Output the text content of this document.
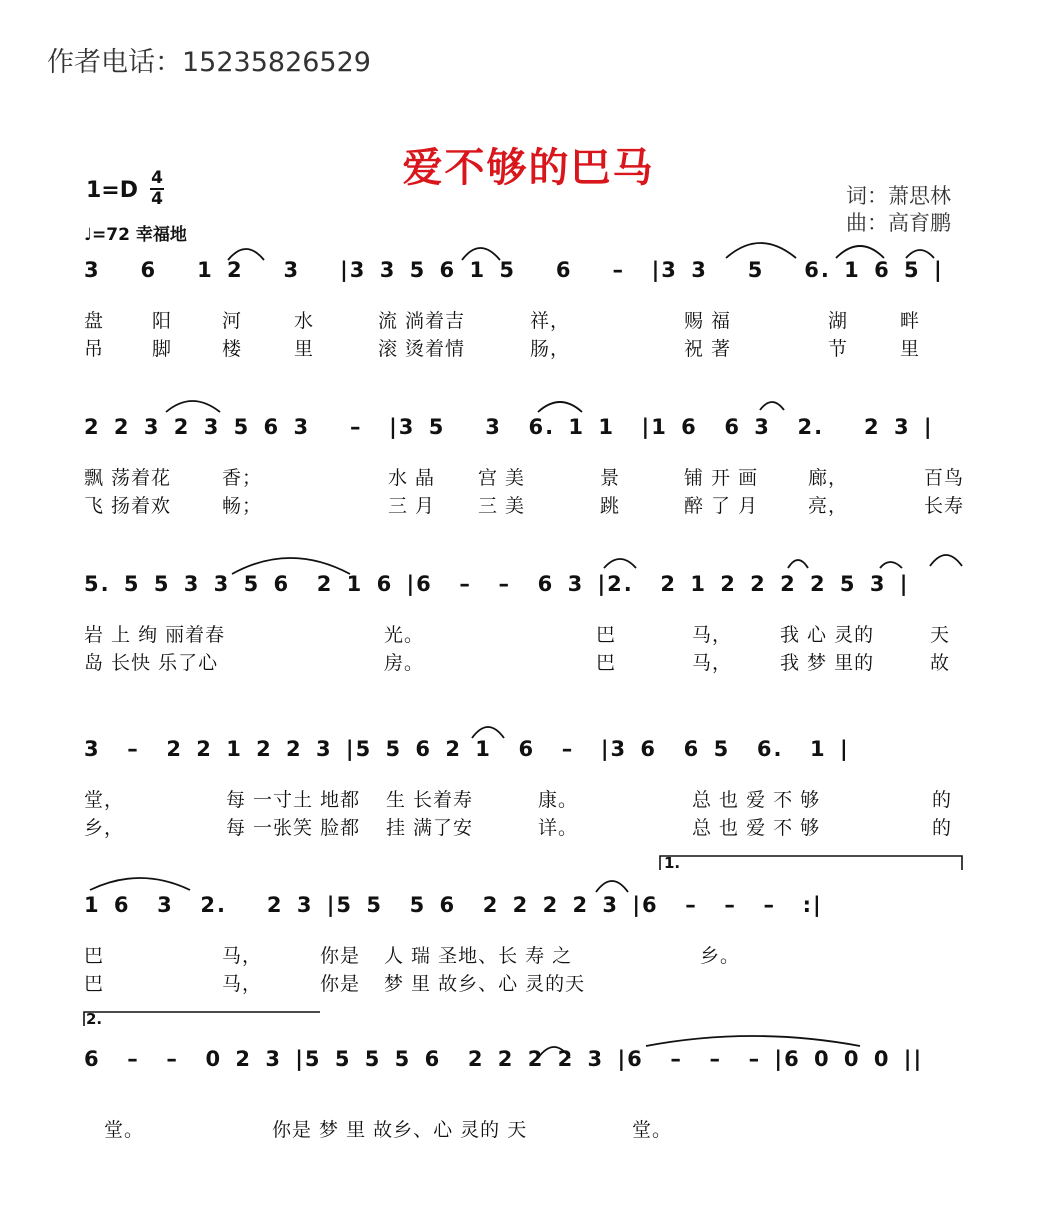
作者电话：15235826529
爱不够的巴马
1=D 4
4
♩=72 幸福地
词：萧思林
曲：高育鹏
3   6   1 2   3   |3 3 5 6 1 5   6   –  |3 3   5   6. 1 6 5 |
盘	阳	河	水	流 淌着吉	祥，	赐 福	湖	畔
吊	脚	楼	里	滚 烫着情	肠，	祝 著	节	里
2 2 3 2 3 5 6 3   –  |3 5   3  6. 1 1  |1 6  6 3  2.   2 3 |
飘 荡着花	香；	水 晶 宫 美	景	铺 开 画	廊，	百鸟
飞 扬着欢	畅；	三 月 三 美	跳	醉 了 月	亮，	长寿
5. 5 5 3 3 5 6  2 1 6 |6  –  –  6 3 |2.  2 1 2 2 2 2 5 3 |
岩 上 绚 丽着春	光。	巴	马，	我 心 灵的	天
岛 长快 乐了心	房。	巴	马，	我 梦 里的	故
3  –  2 2 1 2 2 3 |5 5 6 2 1  6  –  |3 6  6 5  6.  1 |
堂，	每 一寸土 地都 生 长着寿	康。	总 也 爱 不 够	的
乡，	每 一张笑 脸都 挂 满了安	详。	总 也 爱 不 够	的
1 6  3  2.   2 3 |5 5  5 6  2 2 2 2 3 |6  –  –  –  :|
1.
巴	马，	你是 人 瑞 圣地、长 寿 之	乡。
巴	马，	你是 梦 里 故乡、心 灵的天
6  –  –  0 2 3 |5 5 5 5 6  2 2 2 2 3 |6  –  –  – |6 0 0 0 ||
2.
堂。	你是 梦 里 故乡、心 灵的 天	堂。
